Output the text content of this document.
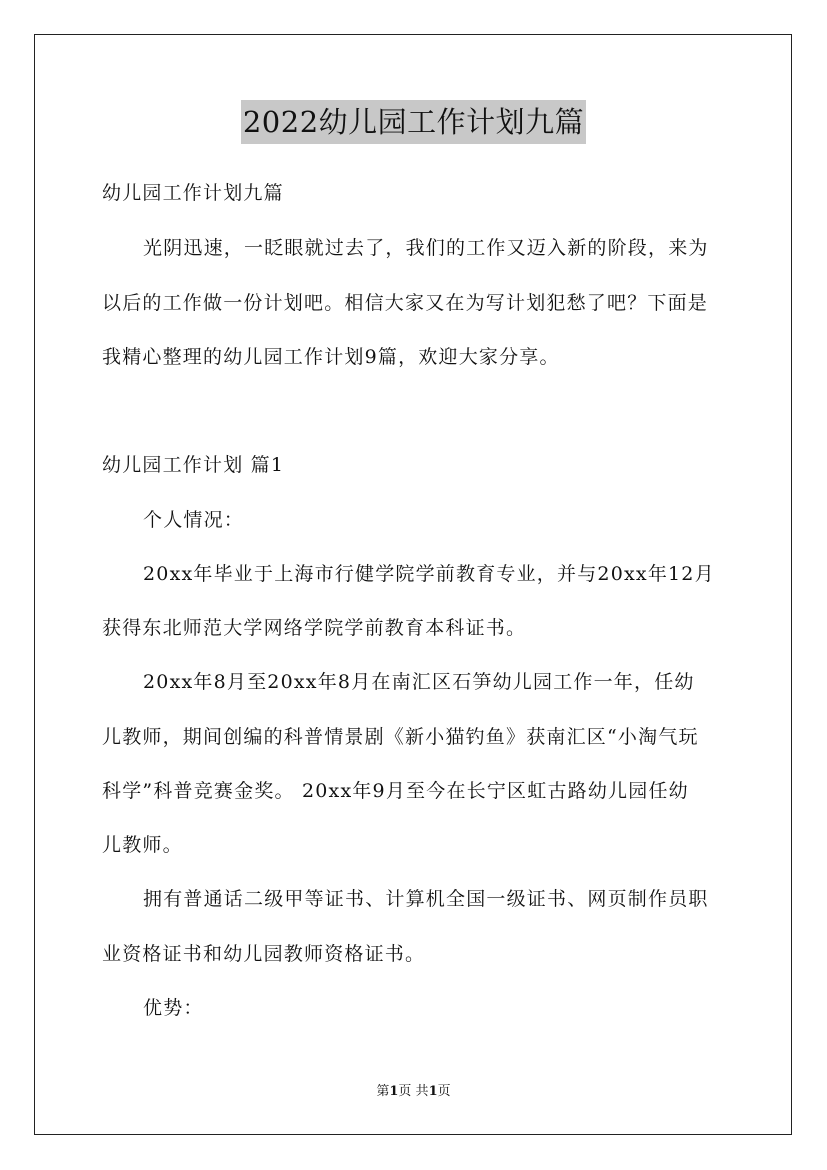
2022幼儿园工作计划九篇
幼儿园工作计划九篇
光阴迅速，一眨眼就过去了，我们的工作又迈入新的阶段，来为
以后的工作做一份计划吧。相信大家又在为写计划犯愁了吧？下面是
我精心整理的幼儿园工作计划9篇，欢迎大家分享。
幼儿园工作计划 篇1
个人情况：
20xx年毕业于上海市行健学院学前教育专业，并与20xx年12月
获得东北师范大学网络学院学前教育本科证书。
20xx年8月至20xx年8月在南汇区石笋幼儿园工作一年，任幼
儿教师，期间创编的科普情景剧《新小猫钓鱼》获南汇区“小淘气玩
科学”科普竞赛金奖。 20xx年9月至今在长宁区虹古路幼儿园任幼
儿教师。
拥有普通话二级甲等证书、计算机全国一级证书、网页制作员职
业资格证书和幼儿园教师资格证书。
优势：
第1页 共1页
